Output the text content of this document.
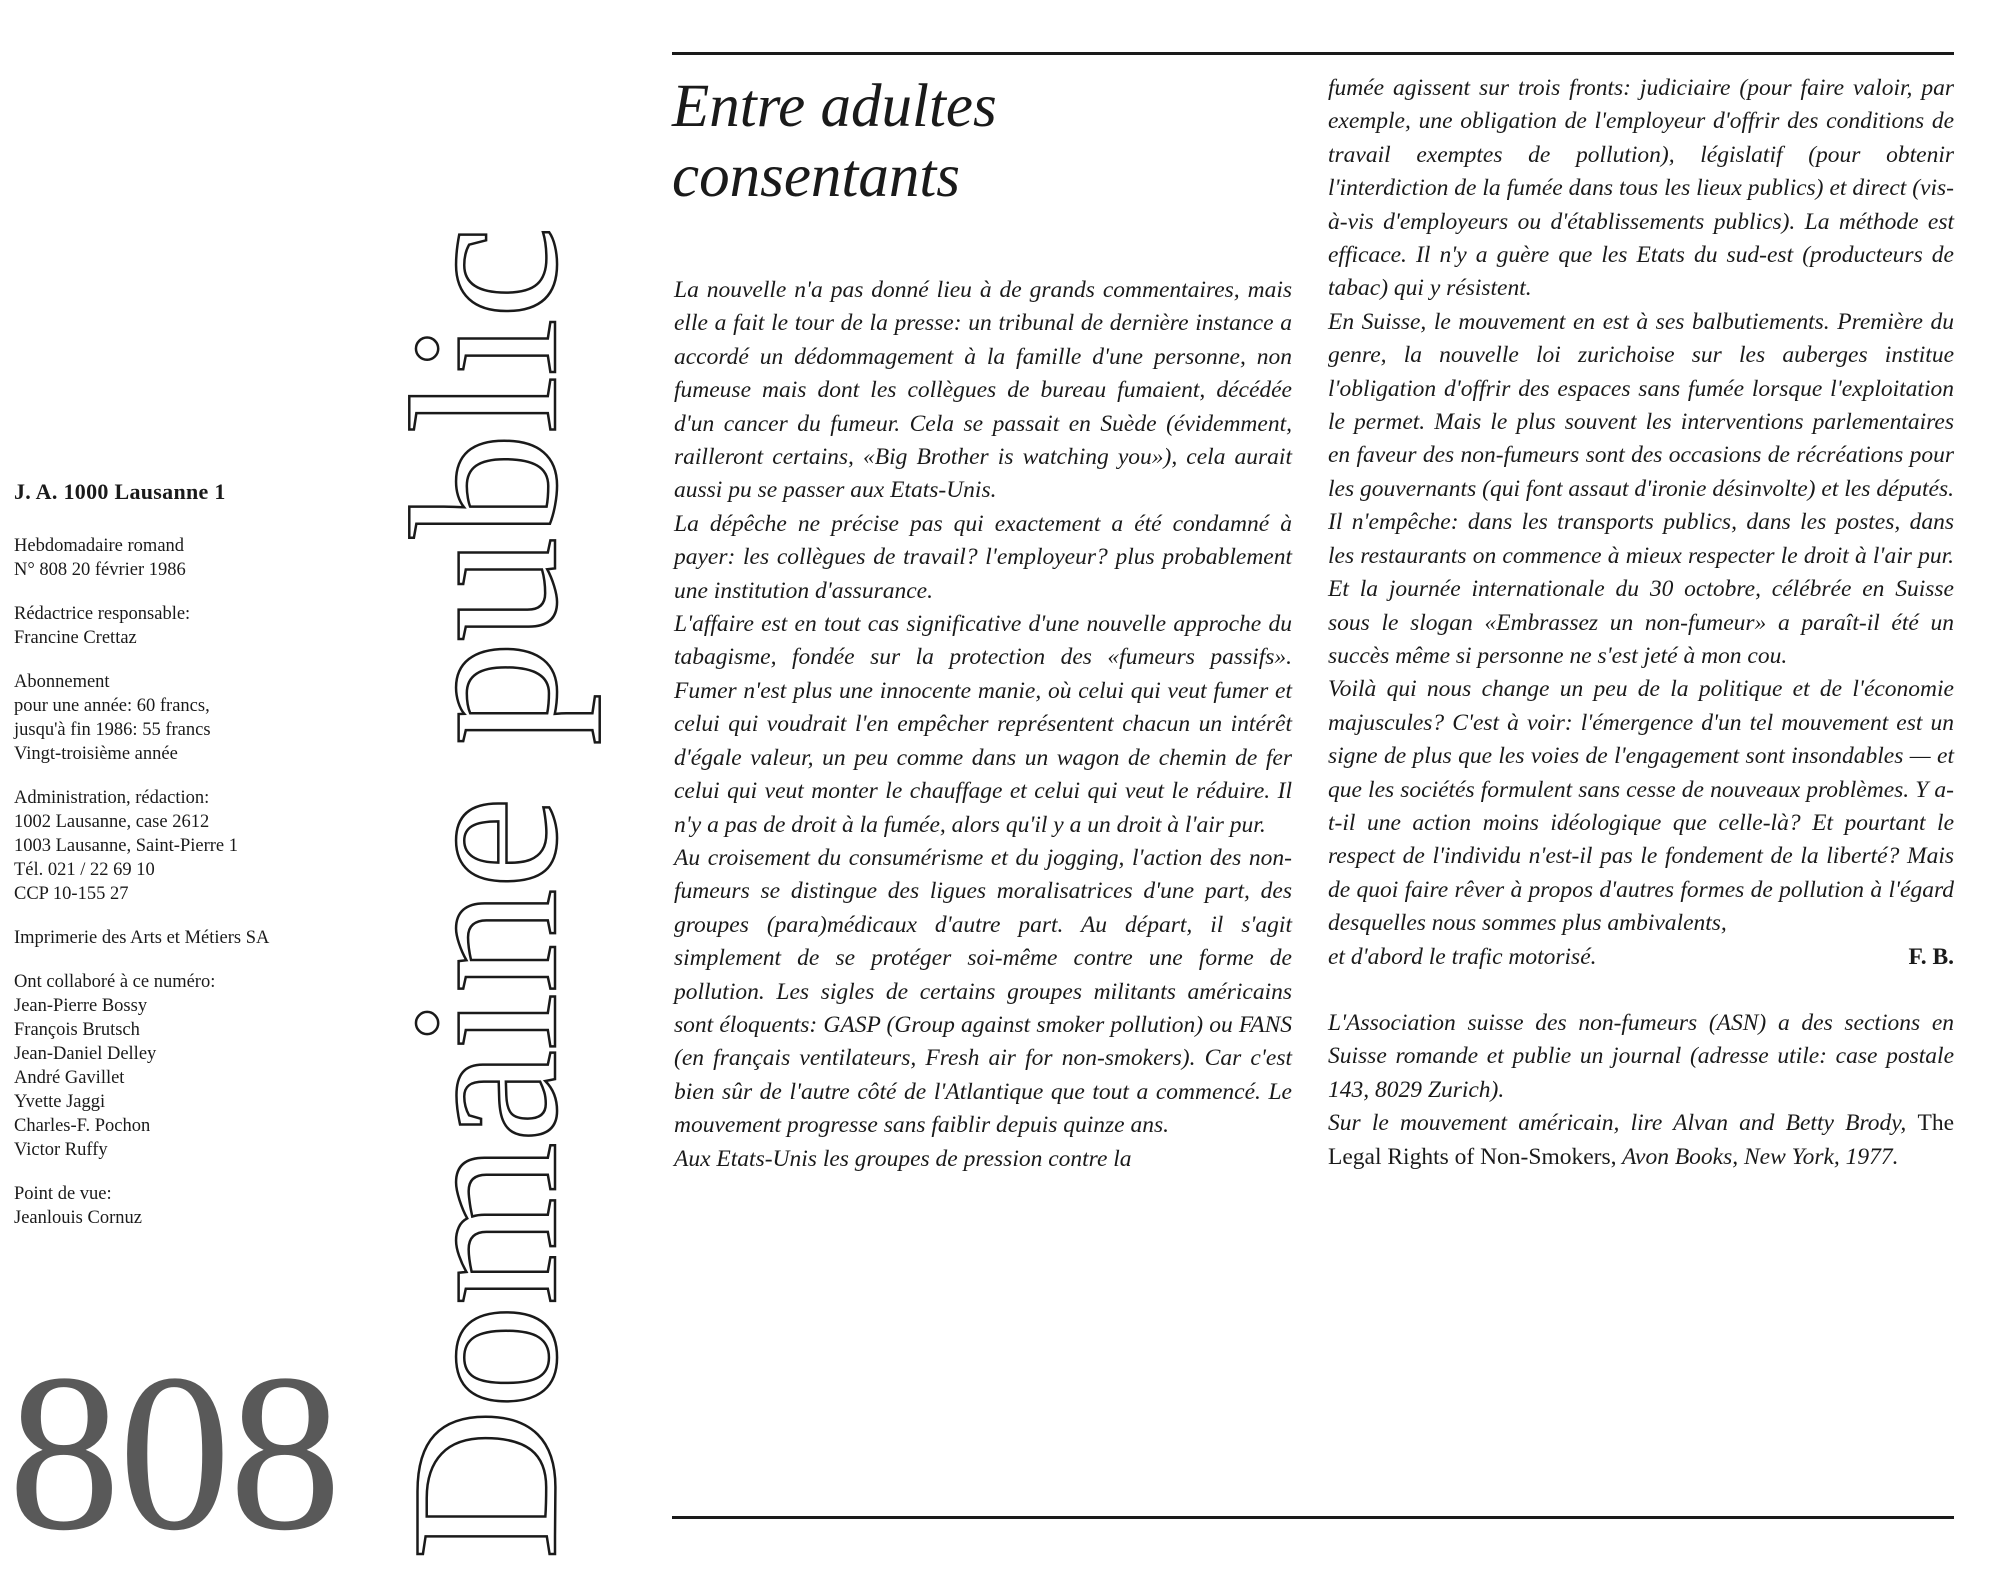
J. A. 1000 Lausanne 1
Hebdomadaire romand
N° 808 20 février 1986
Rédactrice responsable:
Francine Crettaz
Abonnement
pour une année: 60 francs,
jusqu'à fin 1986: 55 francs
Vingt-troisième année
Administration, rédaction:
1002 Lausanne, case 2612
1003 Lausanne, Saint-Pierre 1
Tél. 021 / 22 69 10
CCP 10-155 27
Imprimerie des Arts et Métiers SA
Ont collaboré à ce numéro:
Jean-Pierre Bossy
François Brutsch
Jean-Daniel Delley
André Gavillet
Yvette Jaggi
Charles-F. Pochon
Victor Ruffy
Point de vue:
Jeanlouis Cornuz
808 Domaine public
Entre adultes consentants

La nouvelle n'a pas donné lieu à de grands commentaires, mais elle a fait le tour de la presse: un tribunal de dernière instance a accordé un dédommagement à la famille d'une personne, non fumeuse mais dont les collègues de bureau fumaient, décédée d'un cancer du fumeur. Cela se passait en Suède (évidemment, railleront certains, «Big Brother is watching you»), cela aurait aussi pu se passer aux Etats-Unis.

La dépêche ne précise pas qui exactement a été condamné à payer: les collègues de travail? l'employeur? plus probablement une institution d'assurance.

L'affaire est en tout cas significative d'une nouvelle approche du tabagisme, fondée sur la protection des «fumeurs passifs». Fumer n'est plus une innocente manie, où celui qui veut fumer et celui qui voudrait l'en empêcher représentent chacun un intérêt d'égale valeur, un peu comme dans un wagon de chemin de fer celui qui veut monter le chauffage et celui qui veut le réduire. Il n'y a pas de droit à la fumée, alors qu'il y a un droit à l'air pur.

Au croisement du consumérisme et du jogging, l'action des non-fumeurs se distingue des ligues moralisatrices d'une part, des groupes (para)médicaux d'autre part. Au départ, il s'agit simplement de se protéger soi-même contre une forme de pollution. Les sigles de certains groupes militants américains sont éloquents: GASP (Group against smoker pollution) ou FANS (en français ventilateurs, Fresh air for non-smokers). Car c'est bien sûr de l'autre côté de l'Atlantique que tout a commencé. Le mouvement progresse sans faiblir depuis quinze ans.

Aux Etats-Unis les groupes de pression contre la

fumée agissent sur trois fronts: judiciaire (pour faire valoir, par exemple, une obligation de l'employeur d'offrir des conditions de travail exemptes de pollution), législatif (pour obtenir l'interdiction de la fumée dans tous les lieux publics) et direct (vis-à-vis d'employeurs ou d'établissements publics). La méthode est efficace. Il n'y a guère que les Etats du sud-est (producteurs de tabac) qui y résistent.

En Suisse, le mouvement en est à ses balbutiements. Première du genre, la nouvelle loi zurichoise sur les auberges institue l'obligation d'offrir des espaces sans fumée lorsque l'exploitation le permet. Mais le plus souvent les interventions parlementaires en faveur des non-fumeurs sont des occasions de récréations pour les gouvernants (qui font assaut d'ironie désinvolte) et les députés. Il n'empêche: dans les transports publics, dans les postes, dans les restaurants on commence à mieux respecter le droit à l'air pur. Et la journée internationale du 30 octobre, célébrée en Suisse sous le slogan «Embrassez un non-fumeur» a paraît-il été un succès même si personne ne s'est jeté à mon cou.

Voilà qui nous change un peu de la politique et de l'économie majuscules? C'est à voir: l'émergence d'un tel mouvement est un signe de plus que les voies de l'engagement sont insondables — et que les sociétés formulent sans cesse de nouveaux problèmes. Y a-t-il une action moins idéologique que celle-là? Et pourtant le respect de l'individu n'est-il pas le fondement de la liberté? Mais de quoi faire rêver à propos d'autres formes de pollution à l'égard desquelles nous sommes plus ambivalents,

et d'abord le trafic motorisé.	F. B.

L'Association suisse des non-fumeurs (ASN) a des sections en Suisse romande et publie un journal (adresse utile: case postale 143, 8029 Zurich).

Sur le mouvement américain, lire Alvan and Betty Brody, The Legal Rights of Non-Smokers, Avon Books, New York, 1977.
